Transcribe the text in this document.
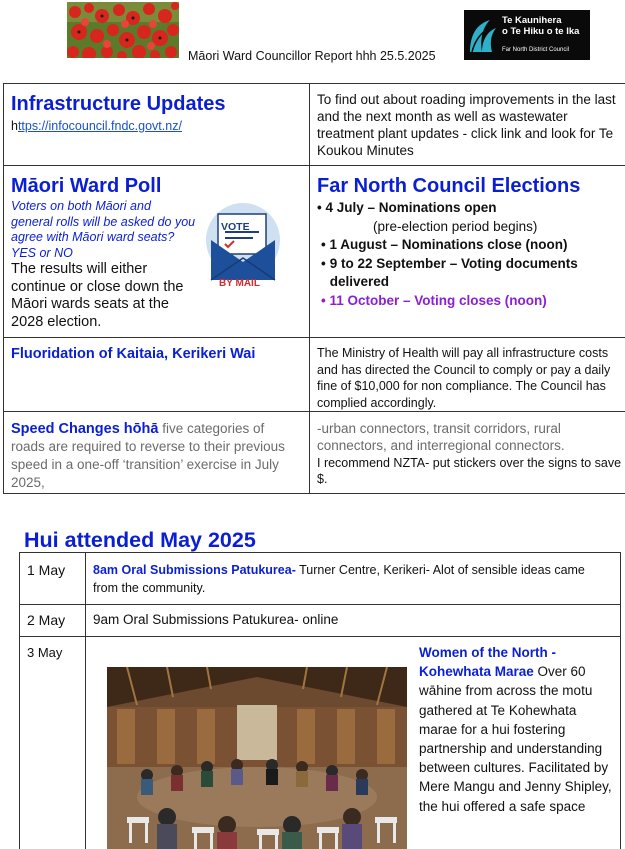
Māori Ward Councillor Report hhh 25.5.2025
Te Kaunihera
o Te Hiku o te Ika
Far North District Council
Infrastructure Updates
https://infocouncil.fndc.govt.nz/
To find out about roading improvements in the last and the next month as well as wastewater treatment plant updates - click link and look for Te Koukou Minutes
Māori Ward Poll
Voters on both Māori and general rolls will be asked do you agree with Māori ward seats? YES or NO
The results will either continue or close down the Māori wards seats at the 2028 election.
VOTE
BY MAIL
Far North Council Elections
• 4 July – Nominations open
(pre-election period begins)
• 1 August – Nominations close (noon)
• 9 to 22 September – Voting documents delivered
• 11 October – Voting closes (noon)
Fluoridation of Kaitaia, Kerikeri Wai	The Ministry of Health will pay all infrastructure costs and has directed the Council to comply or pay a daily fine of $10,000 for non compliance. The Council has complied accordingly.
Speed Changes hōhā five categories of roads are required to reverse to their previous speed in a one-off ‘transition’ exercise in July 2025,
-urban connectors, transit corridors, rural connectors, and interregional connectors.
I recommend NZTA- put stickers over the signs to save $.
Hui attended May 2025
1 May 8am Oral Submissions Patukurea- Turner Centre, Kerikeri- Alot of sensible ideas came from the community.
2 May 9am Oral Submissions Patukurea- online
3 May	Women of the North - Kohewhata Marae Over 60 wāhine from across the motu gathered at Te Kohewhata marae for a hui fostering partnership and understanding between cultures. Facilitated by Mere Mangu and Jenny Shipley, the hui offered a safe space
